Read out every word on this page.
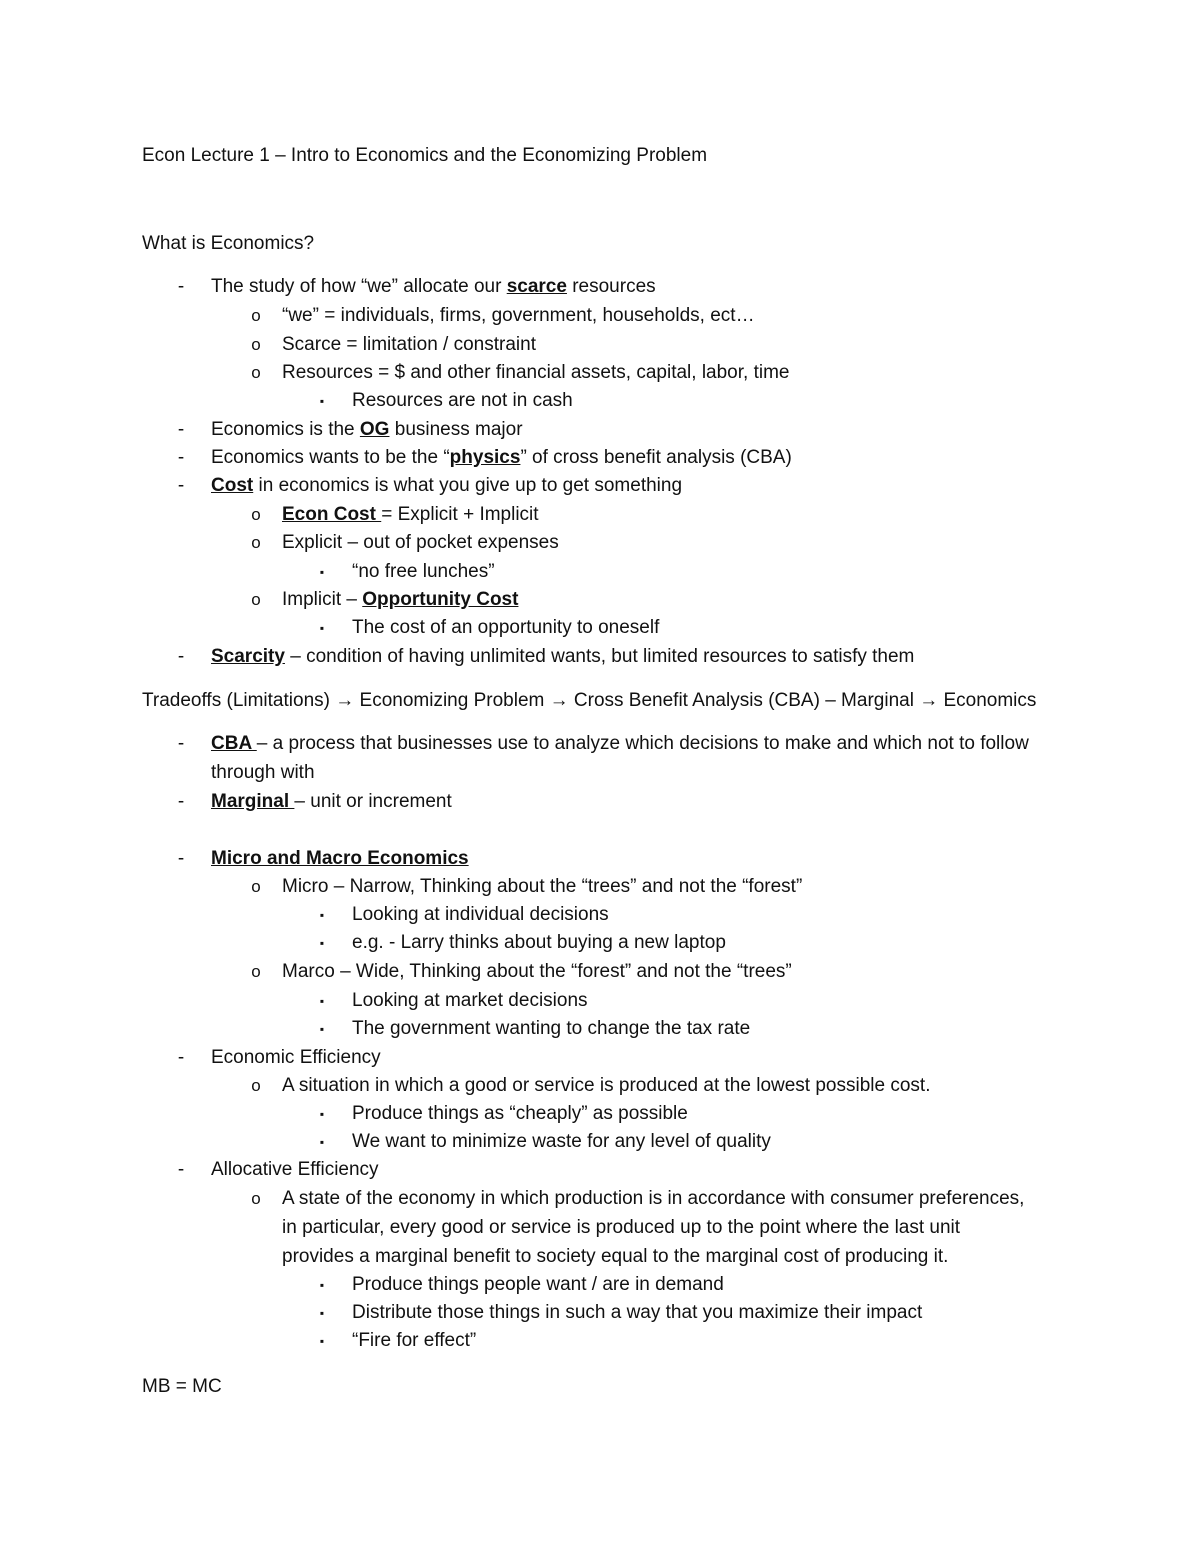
Econ Lecture 1 – Intro to Economics and the Economizing Problem
What is Economics?
-	The study of how “we” allocate our scarce resources
o	“we” = individuals, firms, government, households, ect…
o	Scarce = limitation / constraint
o	Resources = $ and other financial assets, capital, labor, time
▪	Resources are not in cash
-	Economics is the OG business major
-	Economics wants to be the “physics” of cross benefit analysis (CBA)
-	Cost in economics is what you give up to get something
o	Econ Cost = Explicit + Implicit
o	Explicit – out of pocket expenses
▪	“no free lunches”
o	Implicit – Opportunity Cost
▪	The cost of an opportunity to oneself
-	Scarcity – condition of having unlimited wants, but limited resources to satisfy them
Tradeoffs (Limitations) → Economizing Problem → Cross Benefit Analysis (CBA) – Marginal → Economics
-	CBA – a process that businesses use to analyze which decisions to make and which not to follow
through with
-	Marginal – unit or increment
-	Micro and Macro Economics
o	Micro – Narrow, Thinking about the “trees” and not the “forest”
▪	Looking at individual decisions
▪	e.g. - Larry thinks about buying a new laptop
o	Marco – Wide, Thinking about the “forest” and not the “trees”
▪	Looking at market decisions
▪	The government wanting to change the tax rate
-	Economic Efficiency
o	A situation in which a good or service is produced at the lowest possible cost.
▪	Produce things as “cheaply” as possible
▪	We want to minimize waste for any level of quality
-	Allocative Efficiency
o	A state of the economy in which production is in accordance with consumer preferences,
in particular, every good or service is produced up to the point where the last unit
provides a marginal benefit to society equal to the marginal cost of producing it.
▪	Produce things people want / are in demand
▪	Distribute those things in such a way that you maximize their impact
▪	“Fire for effect”
MB = MC
